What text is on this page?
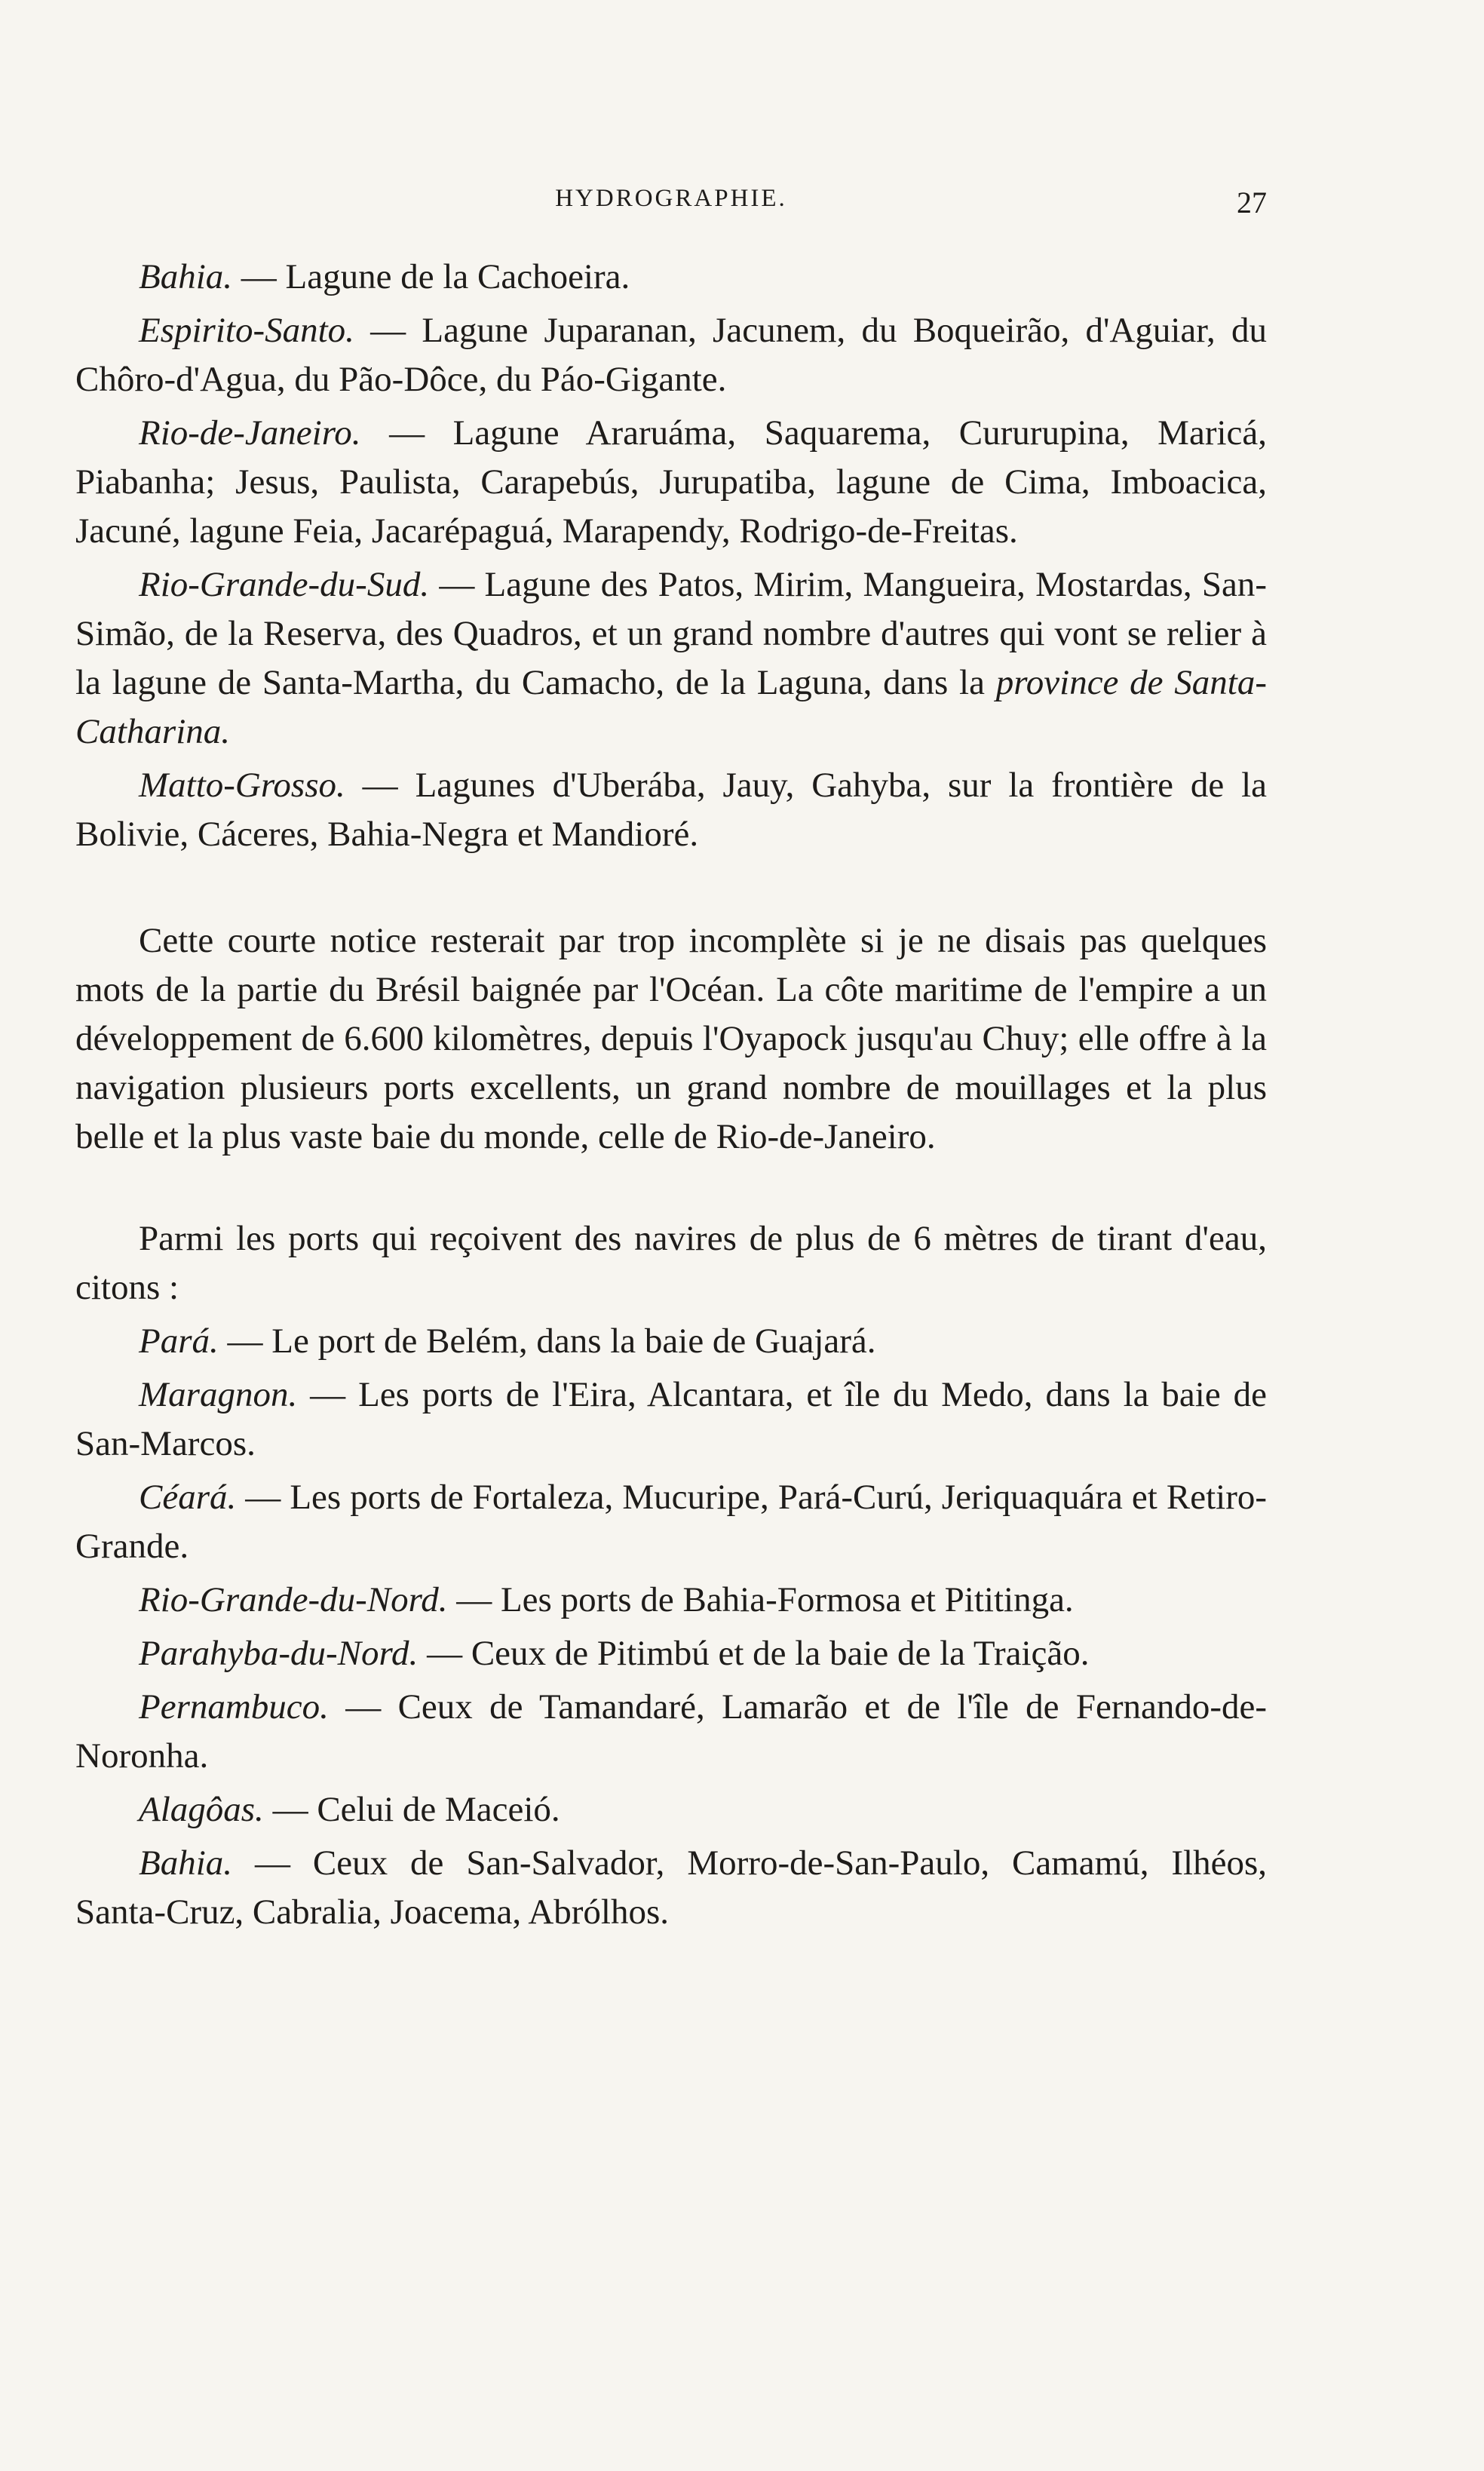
HYDROGRAPHIE.	27

Bahia. — Lagune de la Cachoeira.

Espirito-Santo. — Lagune Juparanan, Jacunem, du Boqueirão, d'Aguiar, du Chôro-d'Agua, du Pão-Dôce, du Páo-Gigante.

Rio-de-Janeiro. — Lagune Araruáma, Saquarema, Cururupina, Maricá, Piabanha; Jesus, Paulista, Carapebús, Jurupatiba, lagune de Cima, Imboacica, Jacuné, lagune Feia, Jacarépaguá, Marapendy, Rodrigo-de-Freitas.

Rio-Grande-du-Sud. — Lagune des Patos, Mirim, Mangueira, Mostardas, San-Simão, de la Reserva, des Quadros, et un grand nombre d'autres qui vont se relier à la lagune de Santa-Martha, du Camacho, de la Laguna, dans la province de Santa-Catharina.

Matto-Grosso. — Lagunes d'Uberába, Jauy, Gahyba, sur la frontière de la Bolivie, Cáceres, Bahia-Negra et Mandioré.

Cette courte notice resterait par trop incomplète si je ne disais pas quelques mots de la partie du Brésil baignée par l'Océan. La côte maritime de l'empire a un développement de 6.600 kilomètres, depuis l'Oyapock jusqu'au Chuy; elle offre à la navigation plusieurs ports excellents, un grand nombre de mouillages et la plus belle et la plus vaste baie du monde, celle de Rio-de-Janeiro.

Parmi les ports qui reçoivent des navires de plus de 6 mètres de tirant d'eau, citons :

Pará. — Le port de Belém, dans la baie de Guajará.

Maragnon. — Les ports de l'Eira, Alcantara, et île du Medo, dans la baie de San-Marcos.

Céará. — Les ports de Fortaleza, Mucuripe, Pará-Curú, Jeriquaquára et Retiro-Grande.

Rio-Grande-du-Nord. — Les ports de Bahia-Formosa et Pititinga.

Parahyba-du-Nord. — Ceux de Pitimbú et de la baie de la Traição.

Pernambuco. — Ceux de Tamandaré, Lamarão et de l'île de Fernando-de-Noronha.

Alagôas. — Celui de Maceió.

Bahia. — Ceux de San-Salvador, Morro-de-San-Paulo, Camamú, Ilhéos, Santa-Cruz, Cabralia, Joacema, Abrólhos.
